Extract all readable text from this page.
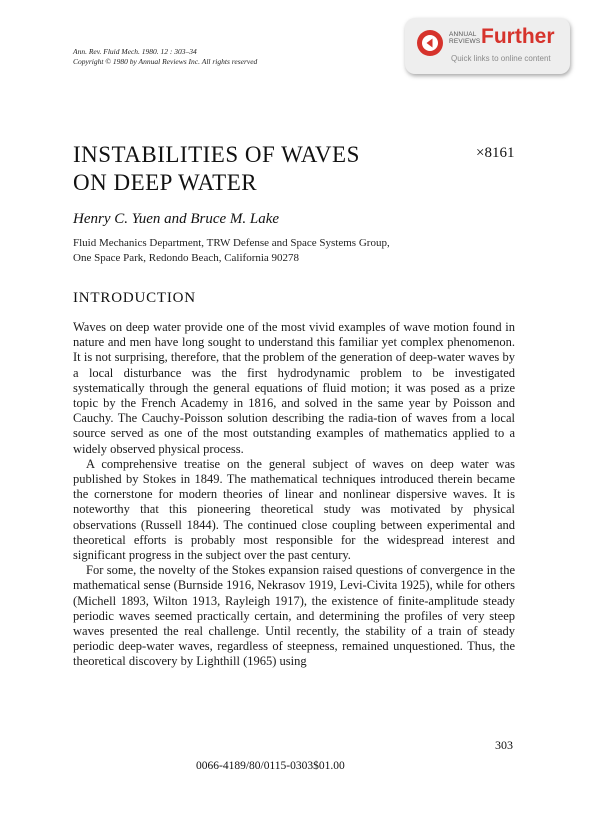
Ann. Rev. Fluid Mech. 1980. 12 : 303–34
Copyright © 1980 by Annual Reviews Inc. All rights reserved
ANNUAL
REVIEWS Further
Quick links to online content
INSTABILITIES OF WAVES
ON DEEP WATER
×8161
Henry C. Yuen and Bruce M. Lake
Fluid Mechanics Department, TRW Defense and Space Systems Group,
One Space Park, Redondo Beach, California 90278
INTRODUCTION

Waves on deep water provide one of the most vivid examples of wave motion found in nature and men have long sought to understand this familiar yet complex phenomenon. It is not surprising, therefore, that the problem of the generation of deep-water waves by a local disturbance was the first hydrodynamic problem to be investigated systematically through the general equations of fluid motion; it was posed as a prize topic by the French Academy in 1816, and solved in the same year by Poisson and Cauchy. The Cauchy-Poisson solution describing the radia-tion of waves from a local source served as one of the most outstanding examples of mathematics applied to a widely observed physical process.

A comprehensive treatise on the general subject of waves on deep water was published by Stokes in 1849. The mathematical techniques introduced therein became the cornerstone for modern theories of linear and nonlinear dispersive waves. It is noteworthy that this pioneering theoretical study was motivated by physical observations (Russell 1844). The continued close coupling between experimental and theoretical efforts is probably most responsible for the widespread interest and significant progress in the subject over the past century.

For some, the novelty of the Stokes expansion raised questions of convergence in the mathematical sense (Burnside 1916, Nekrasov 1919, Levi-Civita 1925), while for others (Michell 1893, Wilton 1913, Rayleigh 1917), the existence of finite-amplitude steady periodic waves seemed practically certain, and determining the profiles of very steep waves presented the real challenge. Until recently, the stability of a train of steady periodic deep-water waves, regardless of steepness, remained unquestioned. Thus, the theoretical discovery by Lighthill (1965) using

303
0066-4189/80/0115-0303$01.00
